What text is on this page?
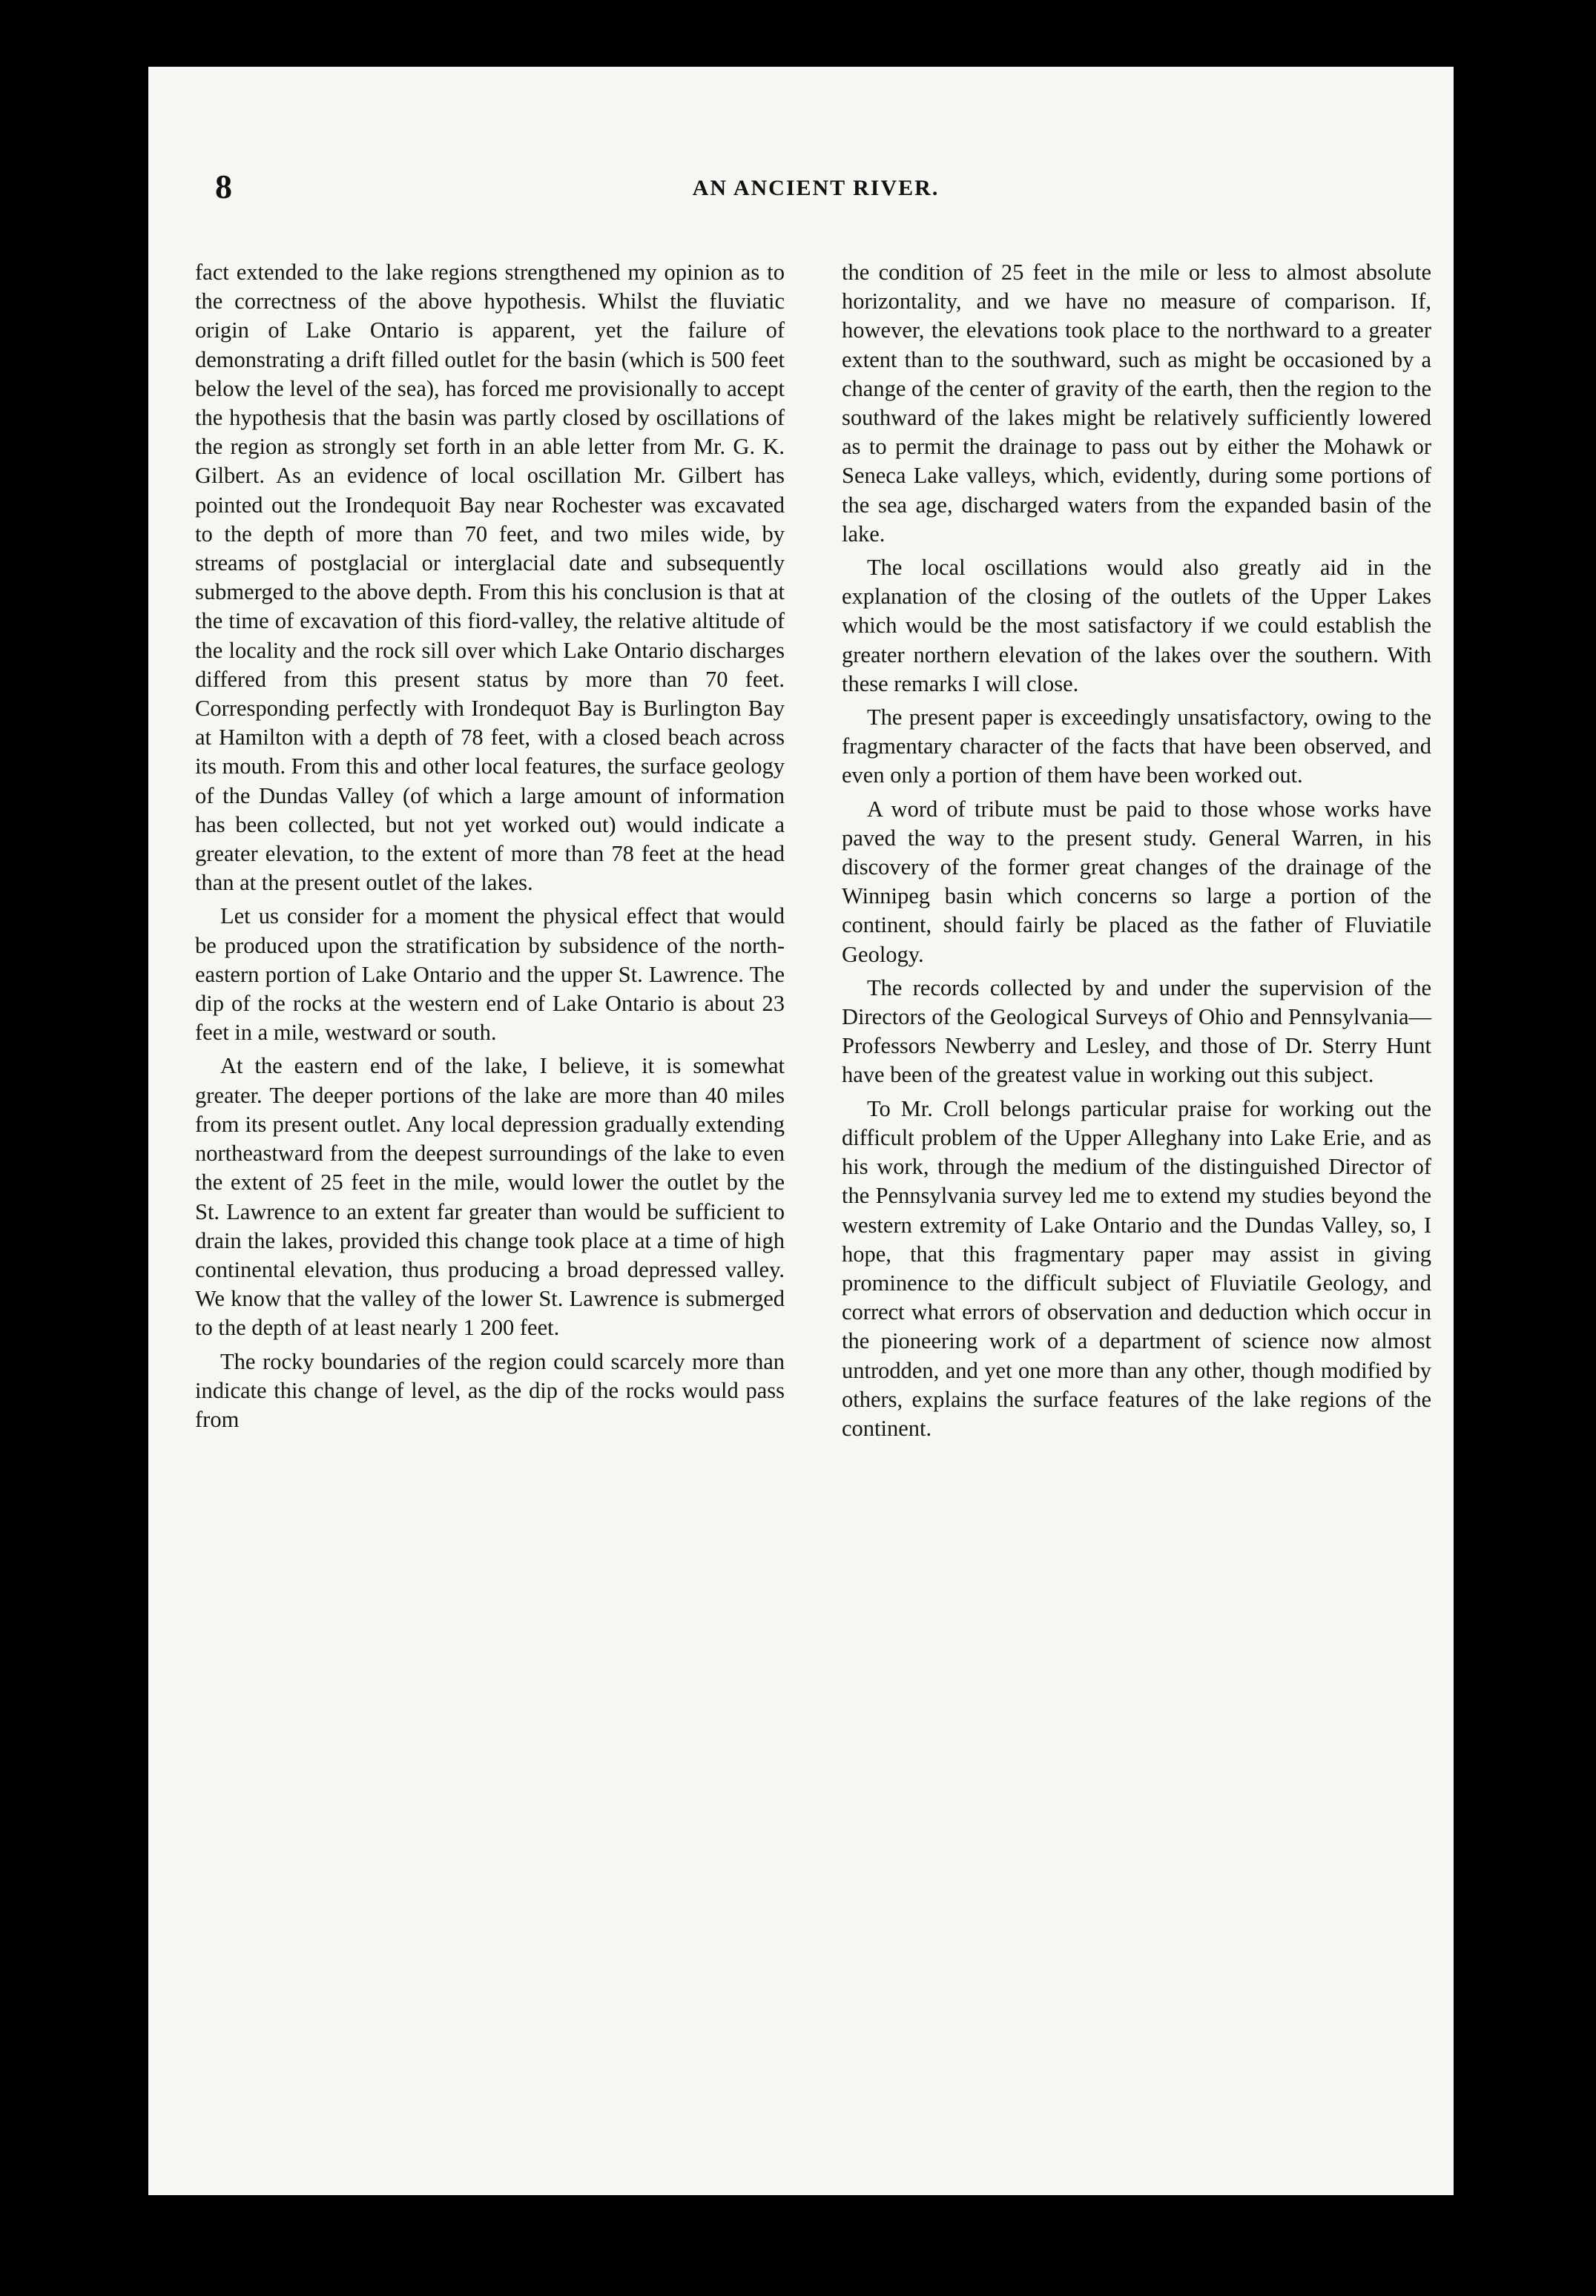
8	AN ANCIENT RIVER.

fact extended to the lake regions strengthened my opinion as to the correctness of the above hypothesis. Whilst the fluviatic origin of Lake Ontario is apparent, yet the failure of demonstrating a drift filled outlet for the basin (which is 500 feet below the level of the sea), has forced me provisionally to accept the hypothesis that the basin was partly closed by oscillations of the region as strongly set forth in an able letter from Mr. G. K. Gilbert. As an evidence of local oscillation Mr. Gilbert has pointed out the Irondequoit Bay near Rochester was excavated to the depth of more than 70 feet, and two miles wide, by streams of postglacial or interglacial date and subsequently submerged to the above depth. From this his conclusion is that at the time of excavation of this fiord-valley, the relative altitude of the locality and the rock sill over which Lake Ontario discharges differed from this present status by more than 70 feet. Corresponding perfectly with Irondequot Bay is Burlington Bay at Hamilton with a depth of 78 feet, with a closed beach across its mouth. From this and other local features, the surface geology of the Dundas Valley (of which a large amount of information has been collected, but not yet worked out) would indicate a greater elevation, to the extent of more than 78 feet at the head than at the present outlet of the lakes.

Let us consider for a moment the physical effect that would be produced upon the stratification by subsidence of the north-eastern portion of Lake Ontario and the upper St. Lawrence. The dip of the rocks at the western end of Lake Ontario is about 23 feet in a mile, westward or south.

At the eastern end of the lake, I believe, it is somewhat greater. The deeper portions of the lake are more than 40 miles from its present outlet. Any local depression gradually extending northeastward from the deepest surroundings of the lake to even the extent of 25 feet in the mile, would lower the outlet by the St. Lawrence to an extent far greater than would be sufficient to drain the lakes, provided this change took place at a time of high continental elevation, thus producing a broad depressed valley. We know that the valley of the lower St. Lawrence is submerged to the depth of at least nearly 1 200 feet.

The rocky boundaries of the region could scarcely more than indicate this change of level, as the dip of the rocks would pass from

the condition of 25 feet in the mile or less to almost absolute horizontality, and we have no measure of comparison. If, however, the elevations took place to the northward to a greater extent than to the southward, such as might be occasioned by a change of the center of gravity of the earth, then the region to the southward of the lakes might be relatively sufficiently lowered as to permit the drainage to pass out by either the Mohawk or Seneca Lake valleys, which, evidently, during some portions of the sea age, discharged waters from the expanded basin of the lake.

The local oscillations would also greatly aid in the explanation of the closing of the outlets of the Upper Lakes which would be the most satisfactory if we could establish the greater northern elevation of the lakes over the southern. With these remarks I will close.

The present paper is exceedingly unsatisfactory, owing to the fragmentary character of the facts that have been observed, and even only a portion of them have been worked out.

A word of tribute must be paid to those whose works have paved the way to the present study. General Warren, in his discovery of the former great changes of the drainage of the Winnipeg basin which concerns so large a portion of the continent, should fairly be placed as the father of Fluviatile Geology.

The records collected by and under the supervision of the Directors of the Geological Surveys of Ohio and Pennsylvania—Professors Newberry and Lesley, and those of Dr. Sterry Hunt have been of the greatest value in working out this subject.

To Mr. Croll belongs particular praise for working out the difficult problem of the Upper Alleghany into Lake Erie, and as his work, through the medium of the distinguished Director of the Pennsylvania survey led me to extend my studies beyond the western extremity of Lake Ontario and the Dundas Valley, so, I hope, that this fragmentary paper may assist in giving prominence to the difficult subject of Fluviatile Geology, and correct what errors of observation and deduction which occur in the pioneering work of a department of science now almost untrodden, and yet one more than any other, though modified by others, explains the surface features of the lake regions of the continent.
